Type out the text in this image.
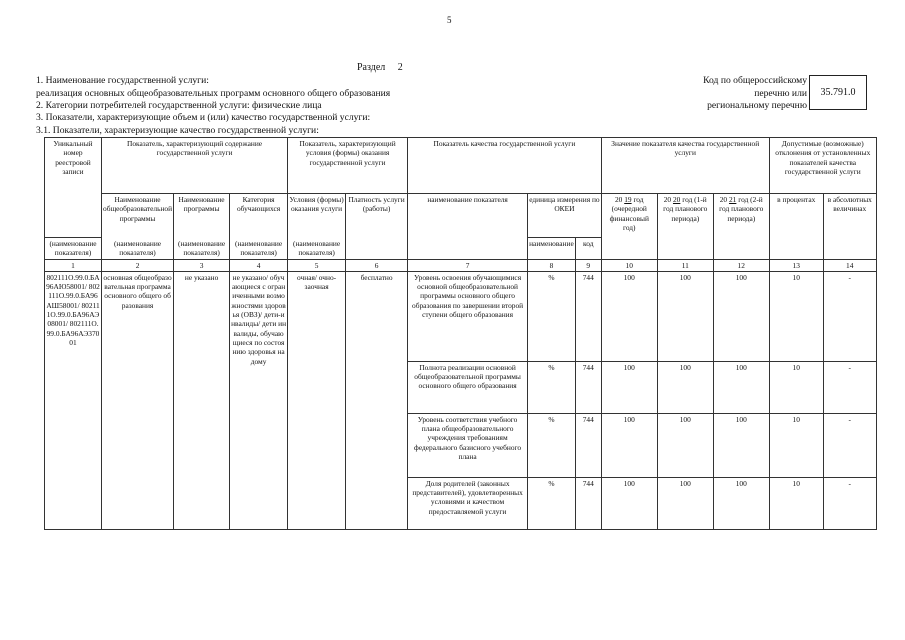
5
Раздел     2
1. Наименование государственной услуги:
реализация основных общеобразовательных программ основного общего образования
2. Категории потребителей государственной услуги: физические лица
3. Показатели, характеризующие объем и (или) качество государственной услуги:
3.1. Показатели, характеризующие качество государственной услуги:
Код по общероссийскому
перечню или
региональному перечню
35.791.0
Уникальный номер реестровой записи	Показатель, характеризующий содержание государственной услуги			Показатель, характеризующий условия (формы) оказания государственной услуги		Показатель качества государственной услуги			Значение показателя качества государственной услуги			Допустимые (возможные) отклонения от установленных показателей качества государственной услуги	
	Наименование общеобразовательной программы	Наименование программы	Категория обучающихся	Условия (формы) оказания услуги	Платность услуги (работы)	наименование показателя	единица измерения по ОКЕИ		20 19 год (очередной финансовый год)	20 20 год (1-й год планового периода)	20 21 год (2-й год планового периода)	в процентах	в абсолютных величинах
							наименование	код					
(наименование показателя)	(наименование показателя)	(наименование показателя)	(наименование показателя)	(наименование показателя)									
1	2	3	4	5	6	7	8	9	10	11	12	13	14
802111О.99.0.БА96АЮ58001/ 802111О.99.0.БА96АШ58001/ 802111О.99.0.БА96АЭ08001/ 802111О.99.0.БА96АЭ37001	основная общеобразовательная программа основного общего образования	не указано	не указано/ обучающиеся с ограниченными возможностями здоровья (ОВЗ)/ дети-инвалиды/ дети инвалиды, обучающиеся по состоянию здоровья на дому	очная/ очно-заочная	бесплатно	Уровень освоения обучающимися основной общеобразовательной программы основного общего образования по завершении второй ступени общего образования	%	744	100	100	100	10	-
						Полнота реализации основной общеобразовательной программы основного общего образования	%	744	100	100	100	10	-
						Уровень соответствия учебного плана общеобразовательного учреждения требованиям федерального базисного учебного плана	%	744	100	100	100	10	-
						Доля родителей (законных представителей), удовлетворенных условиями и качеством предоставляемой услуги	%	744	100	100	100	10	-
